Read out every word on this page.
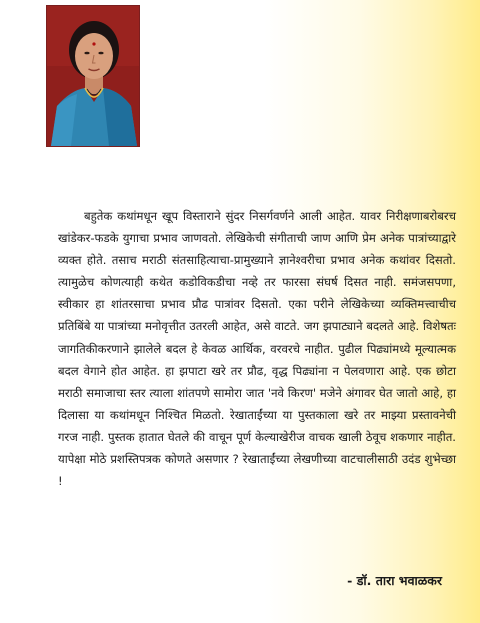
बहुतेक कथांमधून खूप विस्ताराने सुंदर निसर्गवर्णने आली आहेत. यावर निरीक्षणाबरोबरच खांडेकर-फडके युगाचा प्रभाव जाणवतो. लेखिकेची संगीताची जाण आणि प्रेम अनेक पात्रांच्याद्वारे व्यक्त होते. तसाच मराठी संतसाहित्याचा-प्रामुख्याने ज्ञानेश्वरीचा प्रभाव अनेक कथांवर दिसतो. त्यामुळेच कोणत्याही कथेत कडोविकडीचा नव्हे तर फारसा संघर्ष दिसत नाही. समंजसपणा, स्वीकार हा शांतरसाचा प्रभाव प्रौढ पात्रांवर दिसतो. एका परीने लेखिकेच्या व्यक्तिमत्त्वाचीच प्रतिबिंबे या पात्रांच्या मनोवृत्तीत उतरली आहेत, असे वाटते. जग झपाट्याने बदलते आहे. विशेषतः जागतिकीकरणाने झालेले बदल हे केवळ आर्थिक, वरवरचे नाहीत. पुढील पिढ्यांमध्ये मूल्यात्मक बदल वेगाने होत आहेत. हा झपाटा खरे तर प्रौढ, वृद्ध पिढ्यांना न पेलवणारा आहे. एक छोटा मराठी समाजाचा स्तर त्याला शांतपणे सामोरा जात 'नवे किरण' मजेने अंगावर घेत जातो आहे, हा दिलासा या कथांमधून निश्चित मिळतो. रेखाताईंच्या या पुस्तकाला खरे तर माझ्या प्रस्तावनेची गरज नाही. पुस्तक हातात घेतले की वाचून पूर्ण केल्याखेरीज वाचक खाली ठेवूच शकणार नाहीत. यापेक्षा मोठे प्रशस्तिपत्रक कोणते असणार ? रेखाताईंच्या लेखणीच्या वाटचालीसाठी उदंड शुभेच्छा !

- डॉ. तारा भवाळकर
